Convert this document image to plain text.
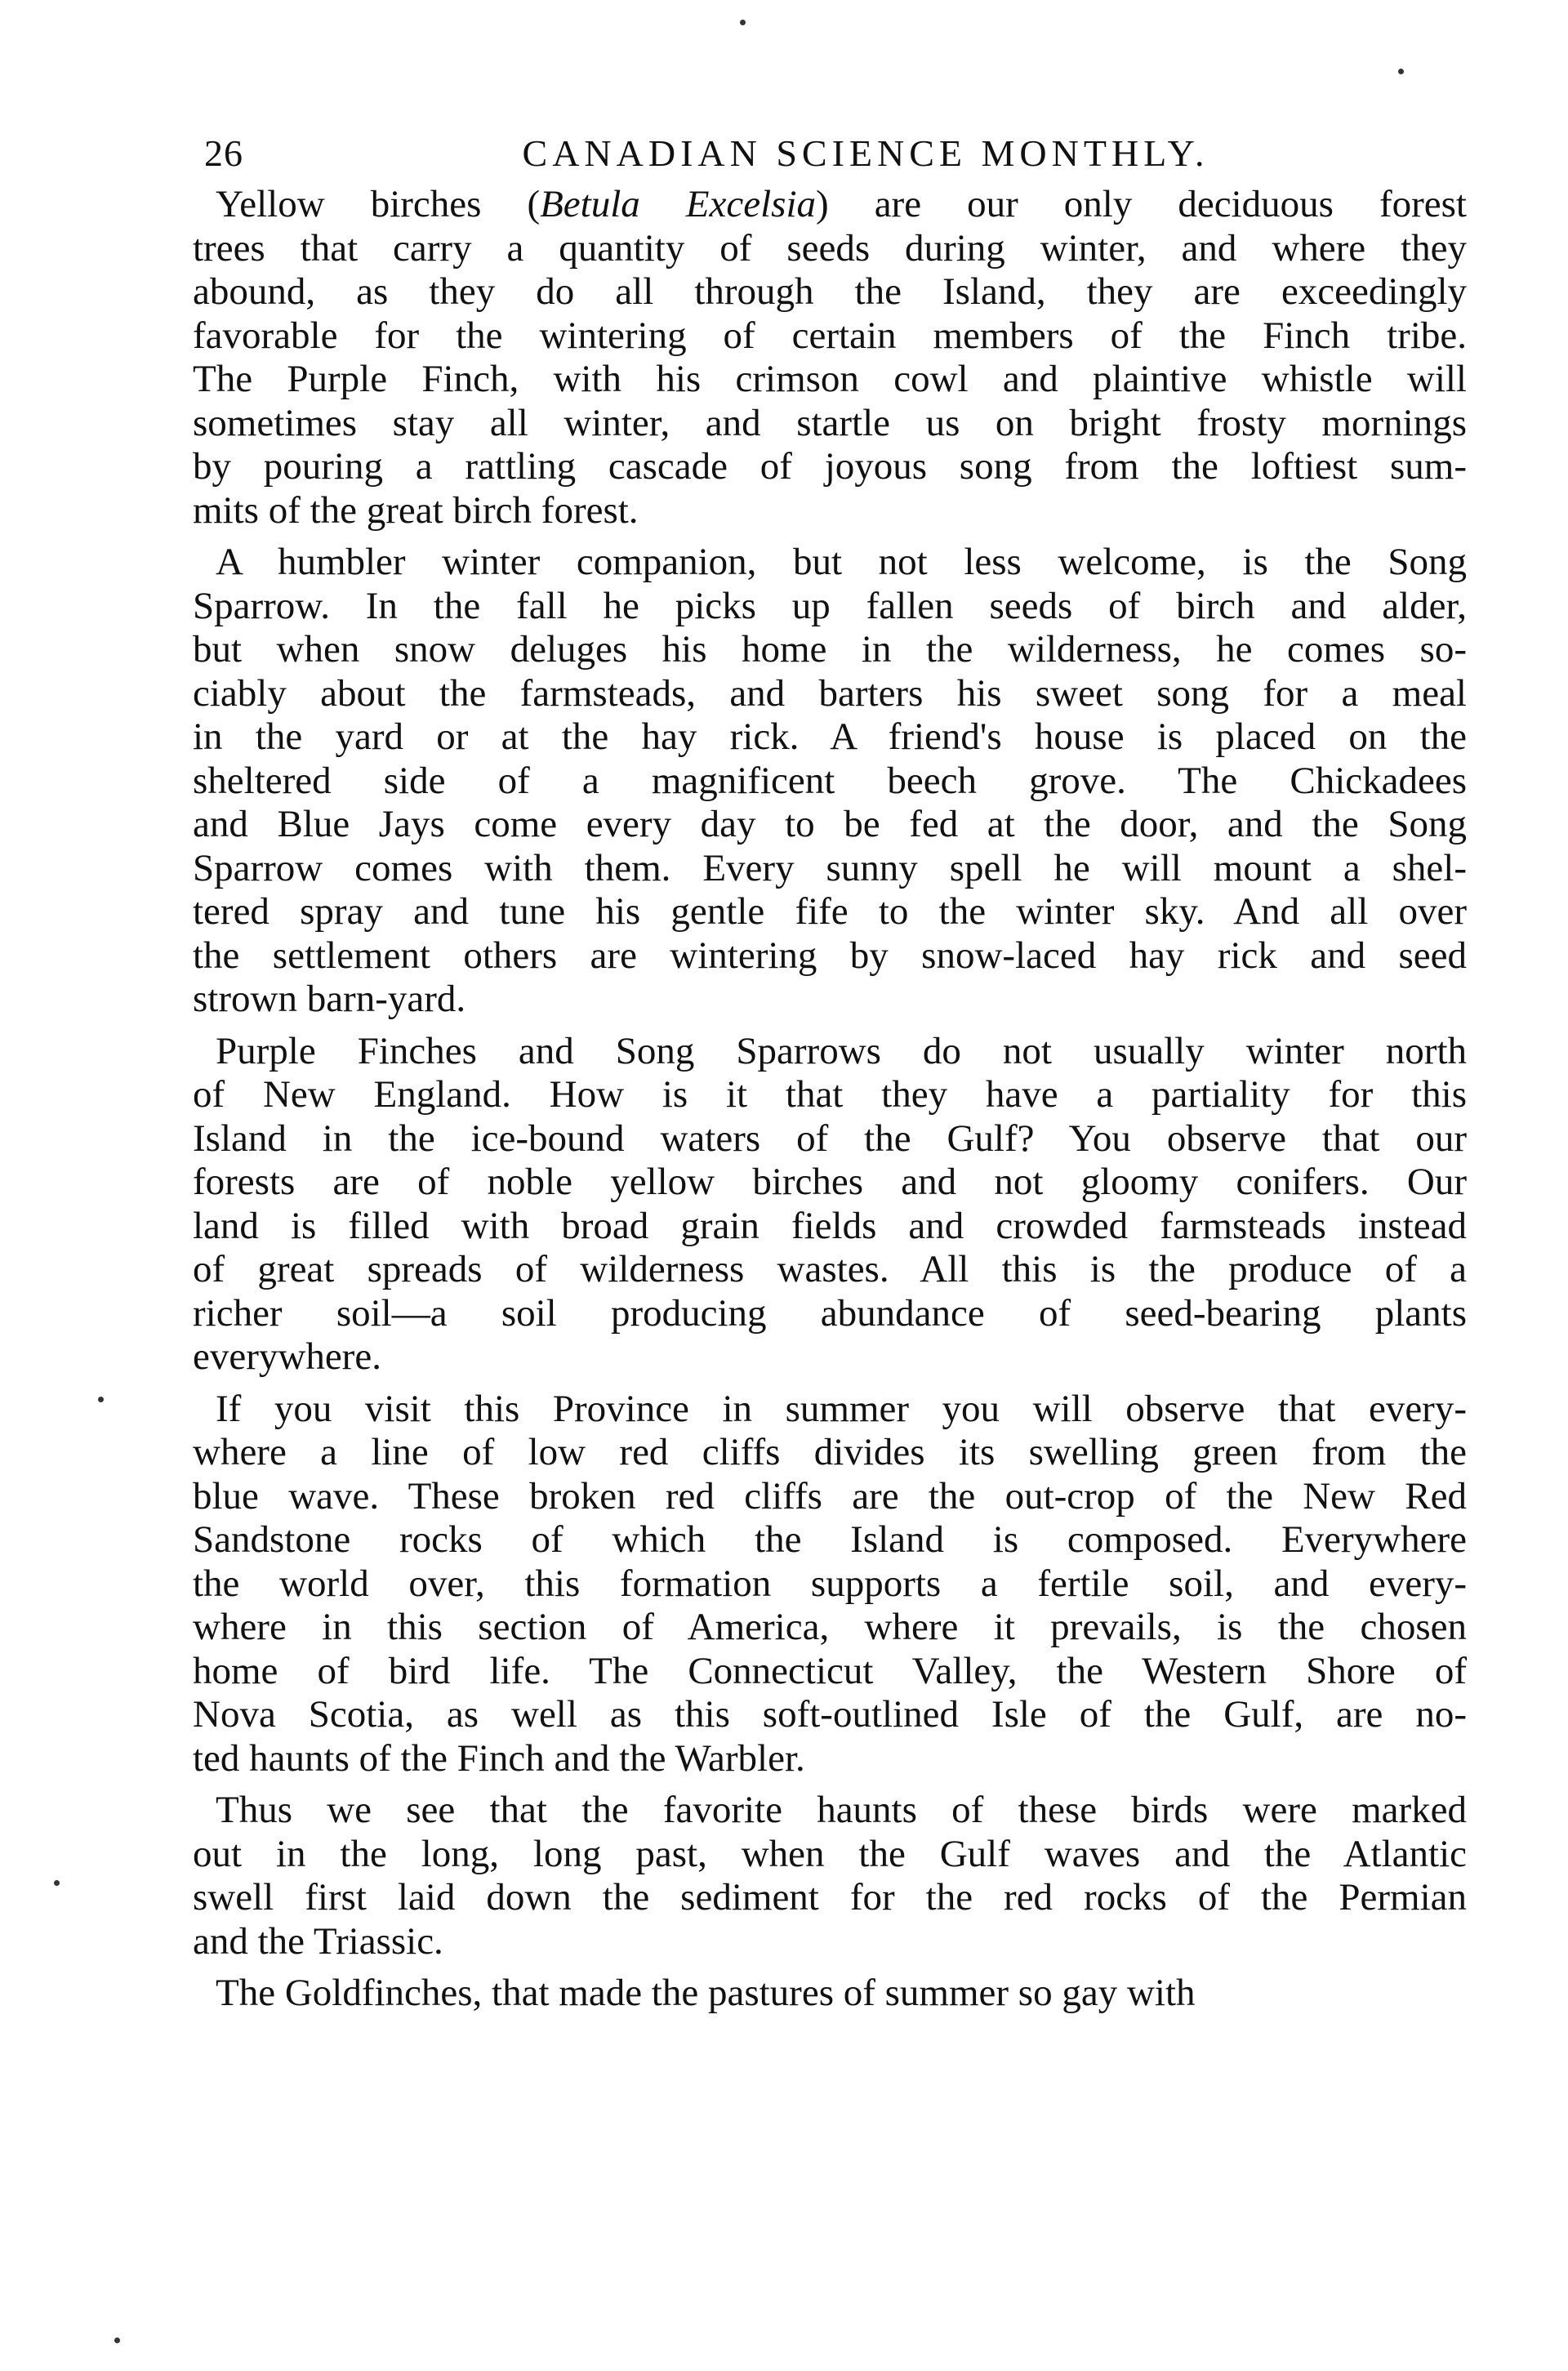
26	CANADIAN SCIENCE MONTHLY.
Yellow birches (Betula Excelsia) are our only deciduous forest
trees that carry a quantity of seeds during winter, and where they
abound, as they do all through the Island, they are exceedingly
favorable for the wintering of certain members of the Finch tribe.
The Purple Finch, with his crimson cowl and plaintive whistle will
sometimes stay all winter, and startle us on bright frosty mornings
by pouring a rattling cascade of joyous song from the loftiest sum-
mits of the great birch forest.
A humbler winter companion, but not less welcome, is the Song
Sparrow. In the fall he picks up fallen seeds of birch and alder,
but when snow deluges his home in the wilderness, he comes so-
ciably about the farmsteads, and barters his sweet song for a meal
in the yard or at the hay rick. A friend's house is placed on the
sheltered side of a magnificent beech grove. The Chickadees
and Blue Jays come every day to be fed at the door, and the Song
Sparrow comes with them. Every sunny spell he will mount a shel-
tered spray and tune his gentle fife to the winter sky. And all over
the settlement others are wintering by snow-laced hay rick and seed
strown barn-yard.
Purple Finches and Song Sparrows do not usually winter north
of New England. How is it that they have a partiality for this
Island in the ice-bound waters of the Gulf? You observe that our
forests are of noble yellow birches and not gloomy conifers. Our
land is filled with broad grain fields and crowded farmsteads instead
of great spreads of wilderness wastes. All this is the produce of a
richer soil—a soil producing abundance of seed-bearing plants
everywhere.
If you visit this Province in summer you will observe that every-
where a line of low red cliffs divides its swelling green from the
blue wave. These broken red cliffs are the out-crop of the New Red
Sandstone rocks of which the Island is composed. Everywhere
the world over, this formation supports a fertile soil, and every-
where in this section of America, where it prevails, is the chosen
home of bird life. The Connecticut Valley, the Western Shore of
Nova Scotia, as well as this soft-outlined Isle of the Gulf, are no-
ted haunts of the Finch and the Warbler.
Thus we see that the favorite haunts of these birds were marked
out in the long, long past, when the Gulf waves and the Atlantic
swell first laid down the sediment for the red rocks of the Permian
and the Triassic.
The Goldfinches, that made the pastures of summer so gay with
